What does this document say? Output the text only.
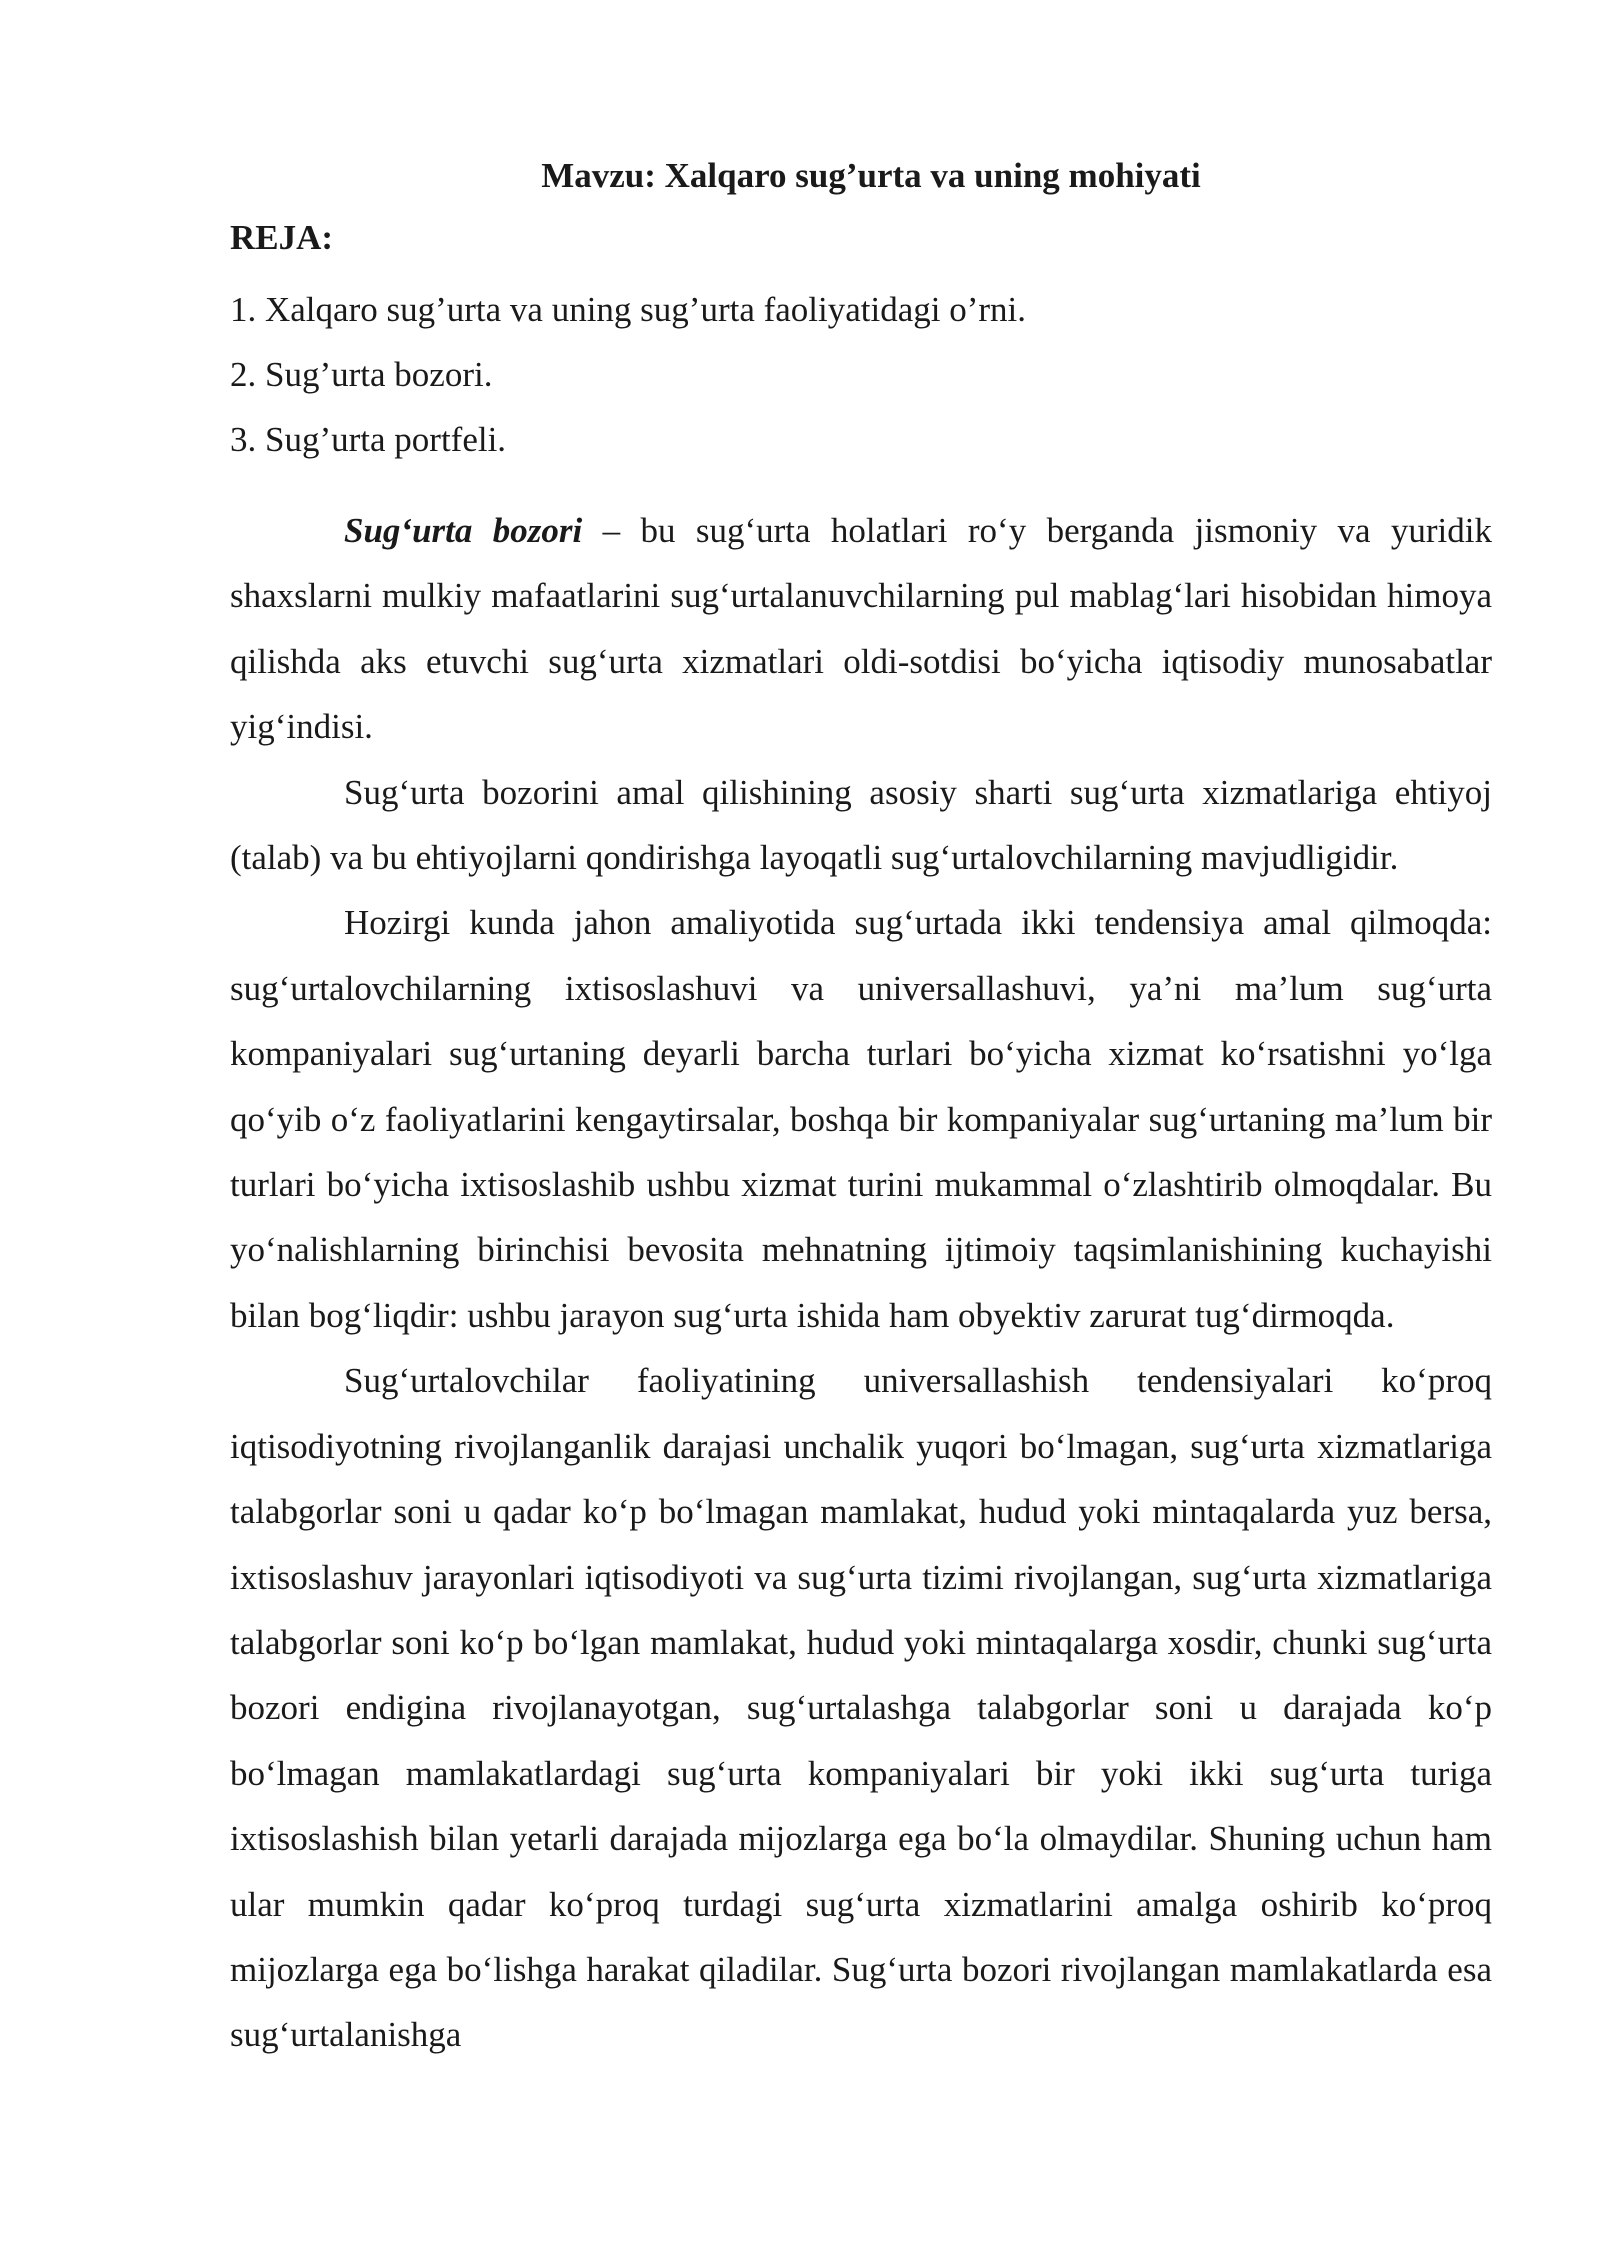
Mavzu: Xalqaro sug’urta va uning mohiyati
REJA:
1. Xalqaro sug’urta va uning sug’urta faoliyatidagi o’rni.
2. Sug’urta bozori.
3. Sug’urta portfeli.

Sug‘urta bozori – bu sug‘urta holatlari ro‘y berganda jismoniy va yuridik shaxslarni mulkiy mafaatlarini sug‘urtalanuvchilarning pul mablag‘lari hisobidan himoya qilishda aks etuvchi sug‘urta xizmatlari oldi-sotdisi bo‘yicha iqtisodiy munosabatlar yig‘indisi.

Sug‘urta bozorini amal qilishining asosiy sharti sug‘urta xizmatlariga ehtiyoj (talab) va bu ehtiyojlarni qondirishga layoqatli sug‘urtalovchilarning mavjudligidir.

Hozirgi kunda jahon amaliyotida sug‘urtada ikki tendensiya amal qilmoqda: sug‘urtalovchilarning ixtisoslashuvi va universallashuvi, ya’ni ma’lum sug‘urta kompaniyalari sug‘urtaning deyarli barcha turlari bo‘yicha xizmat ko‘rsatishni yo‘lga qo‘yib o‘z faoliyatlarini kengaytirsalar, boshqa bir kompaniyalar sug‘urtaning ma’lum bir turlari bo‘yicha ixtisoslashib ushbu xizmat turini mukammal o‘zlashtirib olmoqdalar. Bu yo‘nalishlarning birinchisi bevosita mehnatning ijtimoiy taqsimlanishining kuchayishi bilan bog‘liqdir: ushbu jarayon sug‘urta ishida ham obyektiv zarurat tug‘dirmoqda.

Sug‘urtalovchilar faoliyatining universallashish tendensiyalari ko‘proq iqtisodiyotning rivojlanganlik darajasi unchalik yuqori bo‘lmagan, sug‘urta xizmatlariga talabgorlar soni u qadar ko‘p bo‘lmagan mamlakat, hudud yoki mintaqalarda yuz bersa, ixtisoslashuv jarayonlari iqtisodiyoti va sug‘urta tizimi rivojlangan, sug‘urta xizmatlariga talabgorlar soni ko‘p bo‘lgan mamlakat, hudud yoki mintaqalarga xosdir, chunki sug‘urta bozori endigina rivojlanayotgan, sug‘urtalashga talabgorlar soni u darajada ko‘p bo‘lmagan mamlakatlardagi sug‘urta kompaniyalari bir yoki ikki sug‘urta turiga ixtisoslashish bilan yetarli darajada mijozlarga ega bo‘la olmaydilar. Shuning uchun ham ular mumkin qadar ko‘proq turdagi sug‘urta xizmatlarini amalga oshirib ko‘proq mijozlarga ega bo‘lishga harakat qiladilar. Sug‘urta bozori rivojlangan mamlakatlarda esa sug‘urtalanishga
